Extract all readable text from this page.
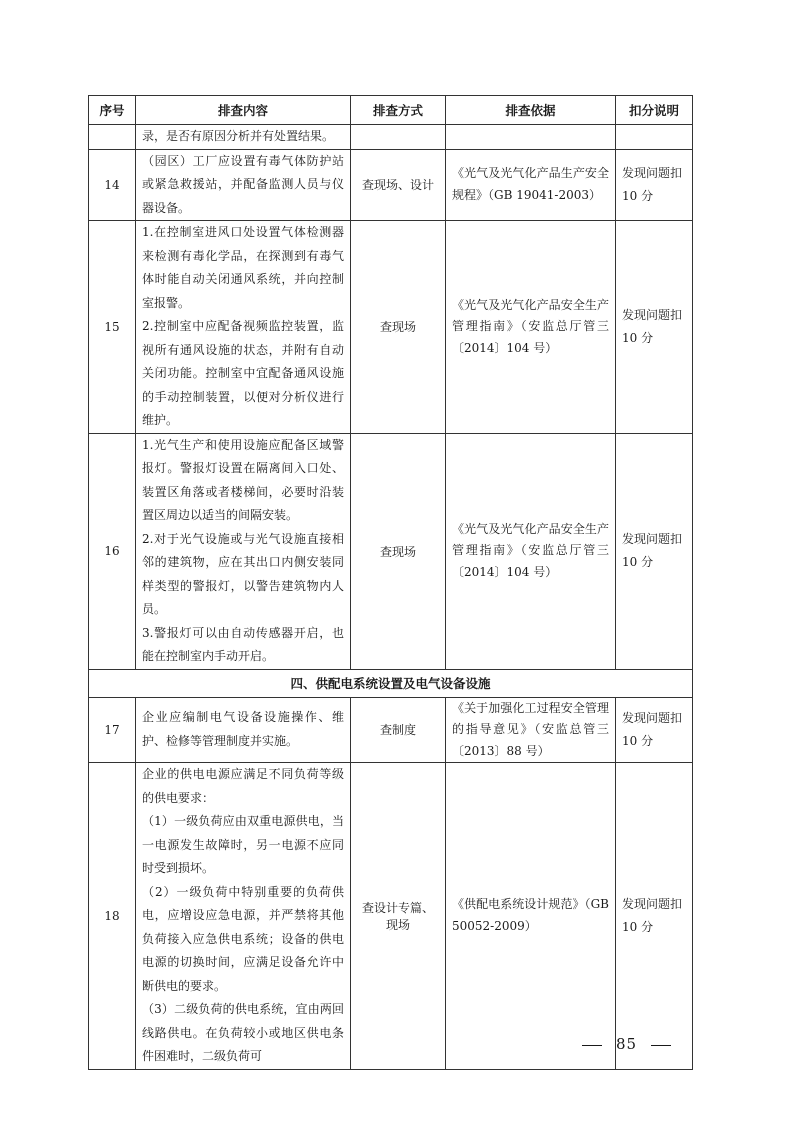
序号	排查内容	排查方式	排查依据	扣分说明

	录，是否有原因分析并有处置结果。			

14	（园区）工厂应设置有毒气体防护站或紧急救援站，并配备监测人员与仪器设备。	查现场、设计	《光气及光气化产品生产安全规程》（GB 19041-2003）	发现问题扣 10 分
15	1.在控制室进风口处设置气体检测器来检测有毒化学品，在探测到有毒气体时能自动关闭通风系统，并向控制室报警。
2.控制室中应配备视频监控装置，监视所有通风设施的状态，并附有自动关闭功能。控制室中宜配备通风设施的手动控制装置，以便对分析仪进行维护。	查现场	《光气及光气化产品安全生产管理指南》（安监总厅管三〔2014〕104 号）	发现问题扣 10 分
16	1.光气生产和使用设施应配备区域警报灯。警报灯设置在隔离间入口处、装置区角落或者楼梯间，必要时沿装置区周边以适当的间隔安装。
2.对于光气设施或与光气设施直接相邻的建筑物，应在其出口内侧安装同样类型的警报灯，以警告建筑物内人员。
3.警报灯可以由自动传感器开启，也能在控制室内手动开启。	查现场	《光气及光气化产品安全生产管理指南》（安监总厅管三〔2014〕104 号）	发现问题扣 10 分
四、供配电系统设置及电气设备设施				
17	企业应编制电气设备设施操作、维护、检修等管理制度并实施。	查制度	《关于加强化工过程安全管理的指导意见》（安监总管三〔2013〕88 号）	发现问题扣 10 分
18	企业的供电电源应满足不同负荷等级的供电要求：
（1）一级负荷应由双重电源供电，当一电源发生故障时，另一电源不应同时受到损坏。
（2）一级负荷中特别重要的负荷供电，应增设应急电源，并严禁将其他负荷接入应急供电系统；设备的供电电源的切换时间，应满足设备允许中断供电的要求。
（3）二级负荷的供电系统，宜由两回线路供电。在负荷较小或地区供电条件困难时，二级负荷可	查设计专篇、现场	《供配电系统设计规范》（GB 50052-2009）	发现问题扣 10 分
85
